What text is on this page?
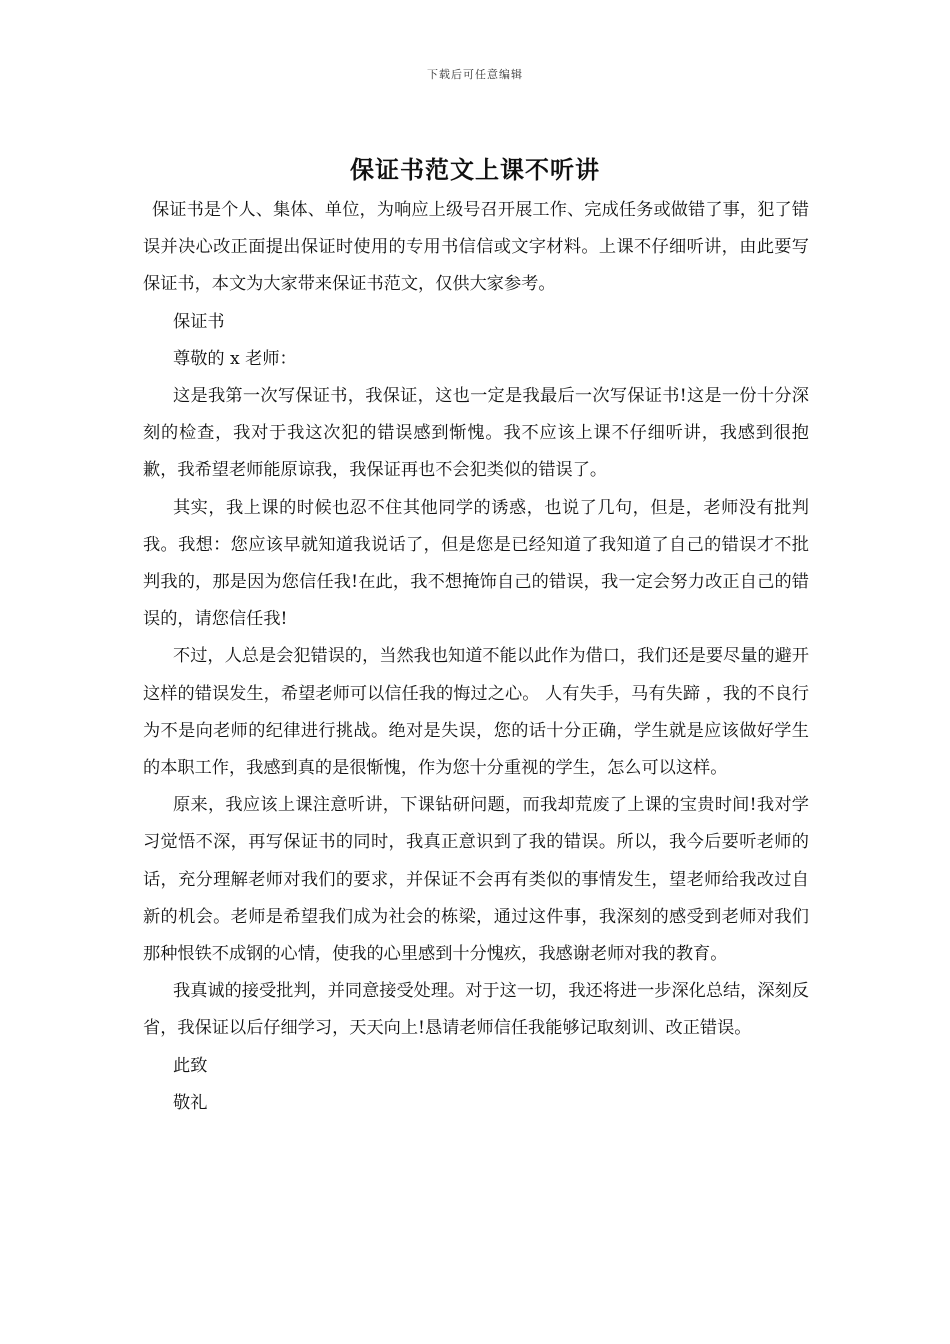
下载后可任意编辑
保证书范文上课不听讲

保证书是个人、集体、单位，为响应上级号召开展工作、完成任务或做错了事，犯了错误并决心改正面提出保证时使用的专用书信信或文字材料。上课不仔细听讲，由此要写保证书，本文为大家带来保证书范文，仅供大家参考。

保证书

尊敬的 x 老师：

这是我第一次写保证书，我保证，这也一定是我最后一次写保证书!这是一份十分深刻的检查，我对于我这次犯的错误感到惭愧。我不应该上课不仔细听讲，我感到很抱歉，我希望老师能原谅我，我保证再也不会犯类似的错误了。

其实，我上课的时候也忍不住其他同学的诱惑，也说了几句，但是，老师没有批判我。我想：您应该早就知道我说话了，但是您是已经知道了我知道了自己的错误才不批判我的，那是因为您信任我!在此，我不想掩饰自己的错误，我一定会努力改正自己的错误的，请您信任我!

不过，人总是会犯错误的，当然我也知道不能以此作为借口，我们还是要尽量的避开这样的错误发生，希望老师可以信任我的悔过之心。 人有失手，马有失蹄 ，我的不良行为不是向老师的纪律进行挑战。绝对是失误，您的话十分正确，学生就是应该做好学生的本职工作，我感到真的是很惭愧，作为您十分重视的学生，怎么可以这样。

原来，我应该上课注意听讲，下课钻研问题，而我却荒废了上课的宝贵时间!我对学习觉悟不深，再写保证书的同时，我真正意识到了我的错误。所以，我今后要听老师的话，充分理解老师对我们的要求，并保证不会再有类似的事情发生，望老师给我改过自新的机会。老师是希望我们成为社会的栋梁，通过这件事，我深刻的感受到老师对我们那种恨铁不成钢的心情，使我的心里感到十分愧疚，我感谢老师对我的教育。

我真诚的接受批判，并同意接受处理。对于这一切，我还将进一步深化总结，深刻反省，我保证以后仔细学习，天天向上!恳请老师信任我能够记取刻训、改正错误。

此致

敬礼
